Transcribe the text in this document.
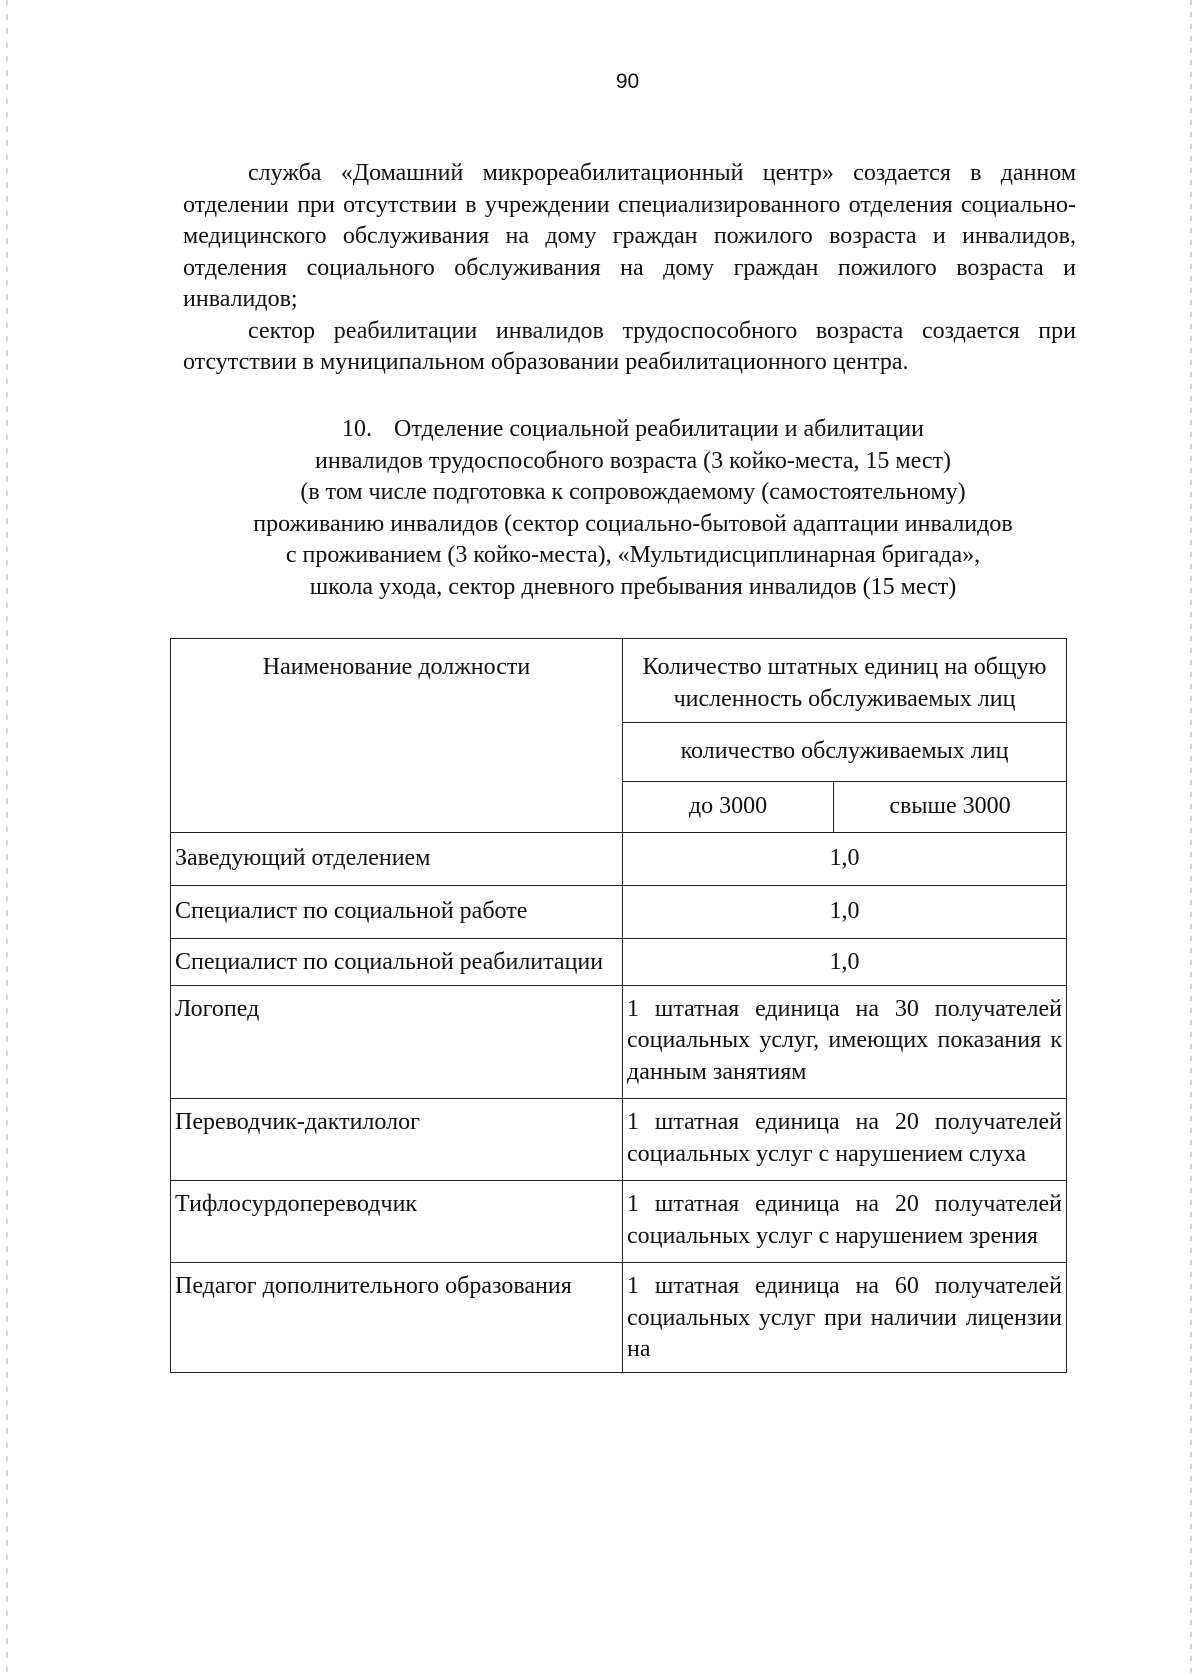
90

служба «Домашний микрореабилитационный центр» создается в данном отделении при отсутствии в учреждении специализированного отделения социально-медицинского обслуживания на дому граждан пожилого возраста и инвалидов, отделения социального обслуживания на дому граждан пожилого возраста и инвалидов;

сектор реабилитации инвалидов трудоспособного возраста создается при отсутствии в муниципальном образовании реабилитационного центра.

10. Отделение социальной реабилитации и абилитации
инвалидов трудоспособного возраста (3 койко-места, 15 мест)
(в том числе подготовка к сопровождаемому (самостоятельному)
проживанию инвалидов (сектор социально-бытовой адаптации инвалидов
с проживанием (3 койко-места), «Мультидисциплинарная бригада»,
школа ухода, сектор дневного пребывания инвалидов (15 мест)
Наименование должности	Количество штатных единиц на общую численность обслуживаемых лиц	
	количество обслуживаемых лиц	
	до 3000	свыше 3000
Заведующий отделением	1,0	
Специалист по социальной работе	1,0	
Специалист по социальной реабилитации	1,0	
Логопед	1 штатная единица на 30 получателей социальных услуг, имеющих показания к данным занятиям	
Переводчик-дактилолог	1 штатная единица на 20 получателей социальных услуг с нарушением слуха	
Тифлосурдопереводчик	1 штатная единица на 20 получателей социальных услуг с нарушением зрения	
Педагог дополнительного образования	1 штатная единица на 60 получателей социальных услуг при наличии лицензии на	
